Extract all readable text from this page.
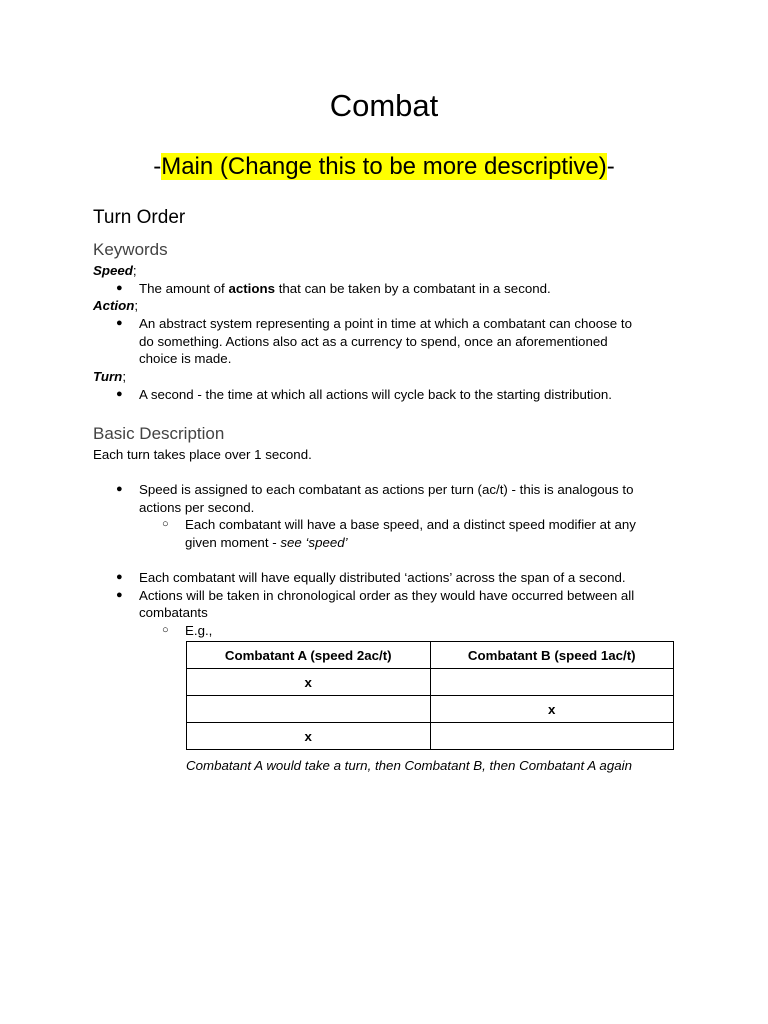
Combat
-Main (Change this to be more descriptive)-
Turn Order
Keywords
Speed;
● The amount of actions that can be taken by a combatant in a second.
Action;
● An abstract system representing a point in time at which a combatant can choose to
do something. Actions also act as a currency to spend, once an aforementioned
choice is made.
Turn;
● A second - the time at which all actions will cycle back to the starting distribution.
Basic Description
Each turn takes place over 1 second.
● Speed is assigned to each combatant as actions per turn (ac/t) - this is analogous to
actions per second.
○ Each combatant will have a base speed, and a distinct speed modifier at any
given moment - see ‘speed’
● Each combatant will have equally distributed ‘actions’ across the span of a second.
● Actions will be taken in chronological order as they would have occurred between all
combatants
○ E.g.,
Combatant A (speed 2ac/t)	Combatant B (speed 1ac/t)
x	
	x
x	
Combatant A would take a turn, then Combatant B, then Combatant A again
